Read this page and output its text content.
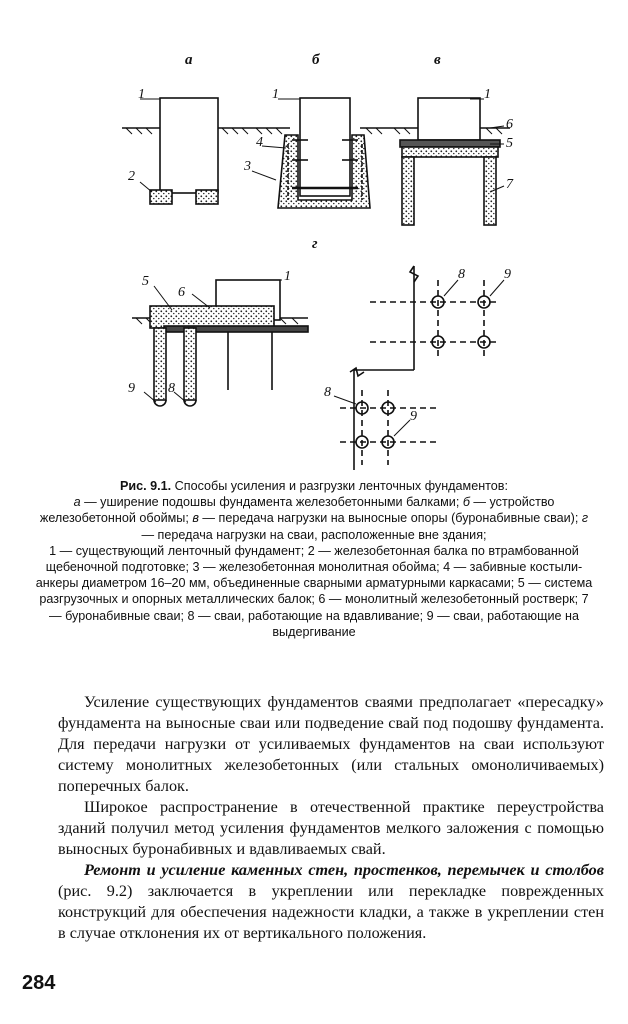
а	б	в
г
1
2
1
4
3
1
6
5
7
5
6
1
9 8
8	9
8
9
Рис. 9.1. Способы усиления и разгрузки ленточных фундаментов:
а — уширение подошвы фундамента железобетонными балками; б — устройство железобетонной обоймы; в — передача нагрузки на выносные опоры (буронабивные сваи); г — передача нагрузки на сваи, расположенные вне здания;
1 — существующий ленточный фундамент; 2 — железобетонная балка по втрамбованной щебеночной подготовке; 3 — железобетонная монолитная обойма; 4 — забивные костыли-анкеры диаметром 16–20 мм, объединенные сварными арматурными каркасами; 5 — система разгрузочных и опорных металлических балок; 6 — монолитный железобетонный ростверк; 7 — буронабивные сваи; 8 — сваи, работающие на вдавливание; 9 — сваи, работающие на выдергивание

Усиление существующих фундаментов сваями предполагает «пересадку» фундамента на выносные сваи или подведение свай под подошву фундамента. Для передачи нагрузки от усиливаемых фундаментов на сваи используют систему монолитных железобетонных (или стальных омоноличиваемых) поперечных балок.

Широкое распространение в отечественной практике переустройства зданий получил метод усиления фундаментов мелкого заложения с помощью выносных буронабивных и вдавливаемых свай.

Ремонт и усиление каменных стен, простенков, перемычек и столбов (рис. 9.2) заключается в укреплении или перекладке поврежденных конструкций для обеспечения надежности кладки, а также в укреплении стен в случае отклонения их от вертикального положения.

284
